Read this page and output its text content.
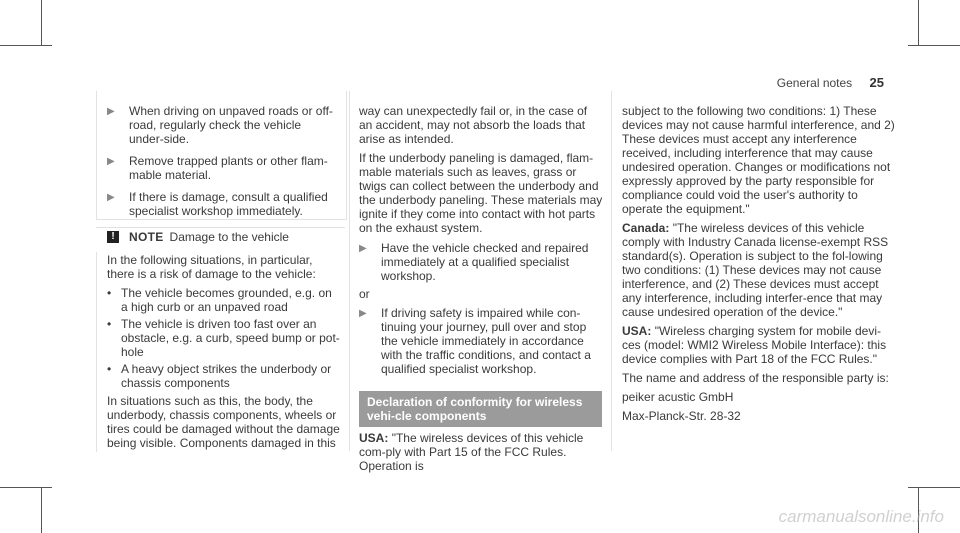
General notes 25
▶
When driving on unpaved roads or off-road, regularly check the vehicle under-side.
▶
Remove trapped plants or other flam-mable material.
▶
If there is damage, consult a qualified specialist workshop immediately.
!	NOTE Damage to the vehicle

In the following situations, in particular, there is a risk of damage to the vehicle:

•
The vehicle becomes grounded, e.g. on a high curb or an unpaved road
•
The vehicle is driven too fast over an obstacle, e.g. a curb, speed bump or pot-hole
•
A heavy object strikes the underbody or chassis components

In situations such as this, the body, the underbody, chassis components, wheels or tires could be damaged without the damage being visible. Components damaged in this

way can unexpectedly fail or, in the case of an accident, may not absorb the loads that arise as intended.

If the underbody paneling is damaged, flam-mable materials such as leaves, grass or twigs can collect between the underbody and the underbody paneling. These materials may ignite if they come into contact with hot parts on the exhaust system.

▶
Have the vehicle checked and repaired immediately at a qualified specialist workshop.

or

▶
If driving safety is impaired while con-tinuing your journey, pull over and stop the vehicle immediately in accordance with the traffic conditions, and contact a qualified specialist workshop.
Declaration of conformity for wireless vehi-cle components

USA: "The wireless devices of this vehicle com-ply with Part 15 of the FCC Rules. Operation is

subject to the following two conditions: 1) These devices may not cause harmful interference, and 2) These devices must accept any interference received, including interference that may cause undesired operation. Changes or modifications not expressly approved by the party responsible for compliance could void the user's authority to operate the equipment."

Canada: "The wireless devices of this vehicle comply with Industry Canada license-exempt RSS standard(s). Operation is subject to the fol-lowing two conditions: (1) These devices may not cause interference, and (2) These devices must accept any interference, including interfer-ence that may cause undesired operation of the device."

USA: "Wireless charging system for mobile devi-ces (model: WMI2 Wireless Mobile Interface): this device complies with Part 18 of the FCC Rules."

The name and address of the responsible party is:

peiker acustic GmbH

Max-Planck-Str. 28-32

carmanualsonline.info
